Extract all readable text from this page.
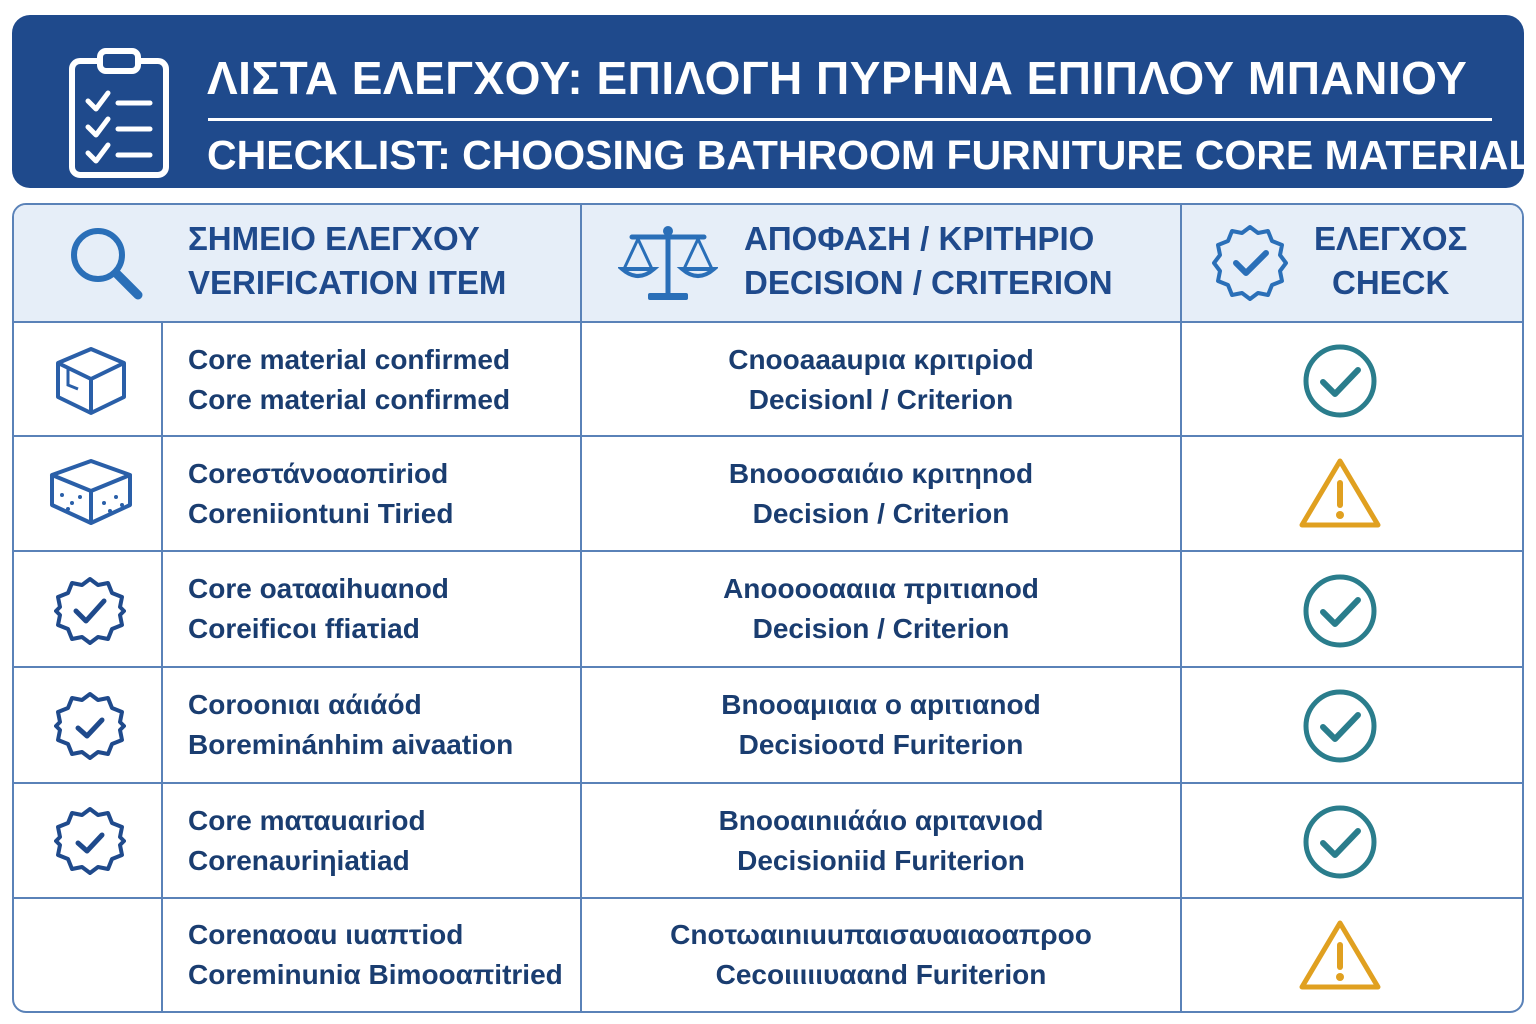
ΛΙΣΤΑ ΕΛΕΓΧΟΥ: ΕΠΙΛΟΓΗ ΠΥΡΗΝΑ ΕΠΙΠΛΟΥ ΜΠΑΝΙΟΥ
CHECKLIST: CHOOSING BATHROOM FURNITURE CORE MATERIAL
ΣΗΜΕΙΟ ΕΛΕΓΧΟΥ
VERIFICATION ITEM
ΑΠΟΦΑΣΗ / ΚΡΙΤΗΡΙΟ
DECISION / CRITERION
ΕΛΕΓΧΟΣ
CHECK
Core material confirmed
Core material confirmed
Cnooaaaupια κριτιρiod
Decisionl / Criterion
Coreστάνοαοπiriod
Coreniiontuni Tiried
Bnoooσαιάιο κριτηnod
Decision / Criterion
Core oaτααihuαnod
Coreificoι ffiaτiad
Anooooααιια πpιτιαnod
Decision / Criterion
Coroonιαι αάιάόd
Boreminánhim aivaation
Bnooαμιαια ο αpιτιαnod
Decisiooτd Furiterion
Core mαταuαιriod
Corenaυriηiatiad
Bnooαιnιιάάιο αpιτανιοd
Decisioniid Furiterion
Corenαoαu ιuαπτiod
Coreminuniα Bimooαπitried
Cnoτωαιnιuuπαισαυαιαοαπρoo
Cecoιιιιιυααnd Furiterion
